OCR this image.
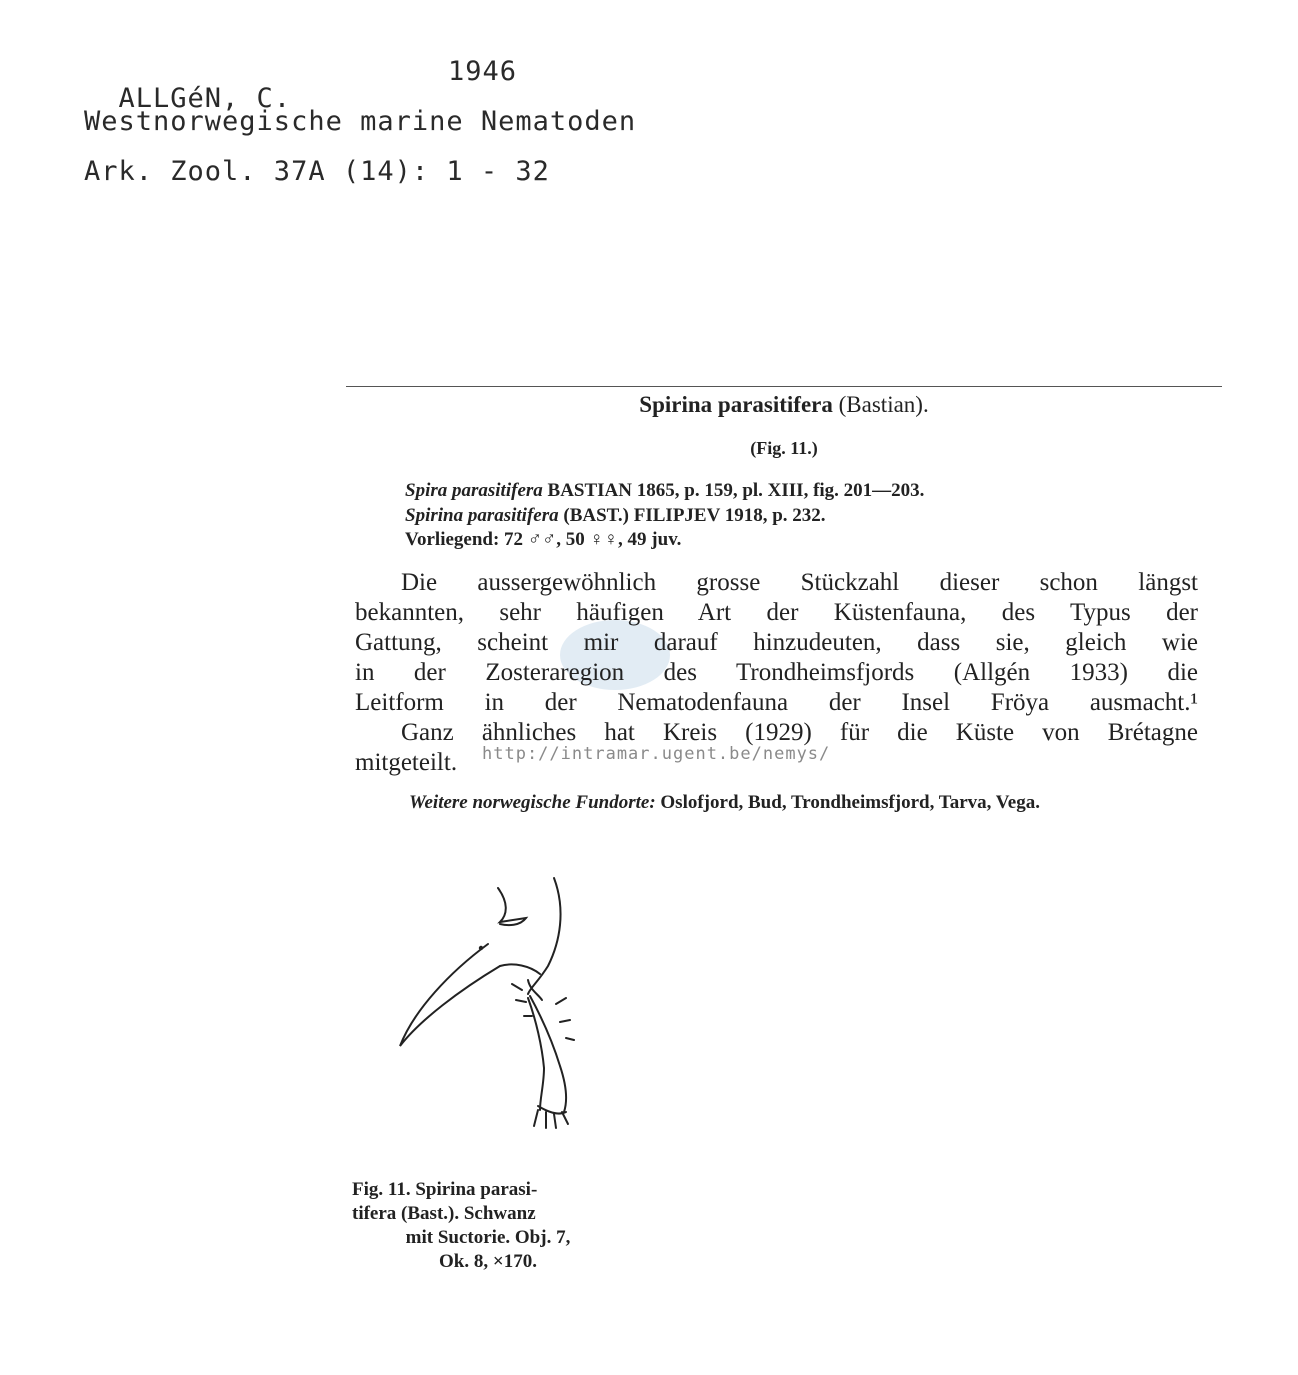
ALLGéN, C.
1946

Westnorwegische marine Nematoden
Ark. Zool. 37A (14): 1 - 32
Spirina parasitifera (Bastian).
(Fig. 11.)
Spira parasitifera BASTIAN 1865, p. 159, pl. XIII, fig. 201—203.
Spirina parasitifera (BAST.) FILIPJEV 1918, p. 232.
Vorliegend: 72 ♂♂, 50 ♀♀, 49 juv.
Die aussergewöhnlich grosse Stückzahl dieser schon längst
bekannten, sehr häufigen Art der Küstenfauna, des Typus der
Gattung, scheint mir darauf hinzudeuten, dass sie, gleich wie
in der Zosteraregion des Trondheimsfjords (Allgén 1933) die
Leitform in der Nematodenfauna der Insel Fröya ausmacht.¹
Ganz ähnliches hat Kreis (1929) für die Küste von Brétagne
mitgeteilt. http://intramar.ugent.be/nemys/
Weitere norwegische Fundorte: Oslofjord, Bud, Trondheimsfjord, Tarva, Vega.
Fig. 11. Spirina parasi-
tifera (Bast.). Schwanz
mit Suctorie. Obj. 7,
Ok. 8, ×170.
